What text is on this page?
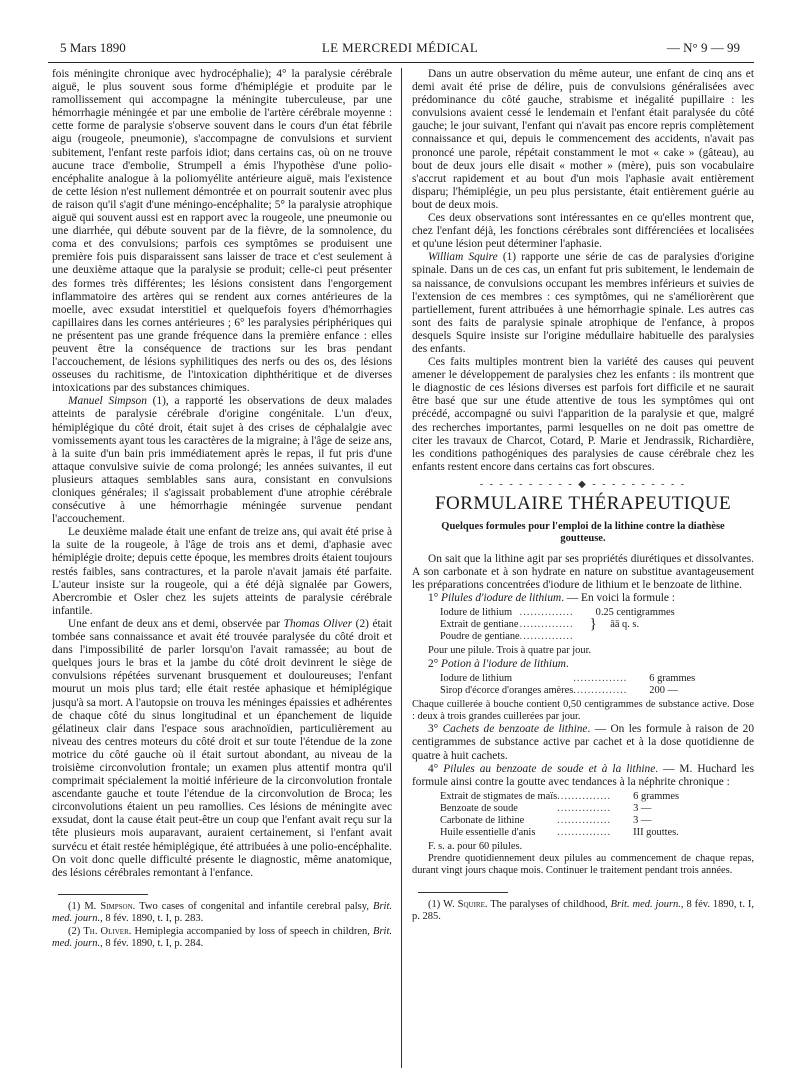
5 Mars 1890	LE MERCREDI MÉDICAL	— N° 9 — 99

fois méningite chronique avec hydrocéphalie); 4° la paralysie cérébrale aiguë, le plus souvent sous forme d'hémiplégie et produite par le ramollissement qui accompagne la méningite tuberculeuse, par une hémorrhagie méningée et par une embolie de l'artère cérébrale moyenne : cette forme de paralysie s'observe souvent dans le cours d'un état fébrile aigu (rougeole, pneumonie), s'accompagne de convulsions et survient subitement, l'enfant reste parfois idiot; dans certains cas, où on ne trouve aucune trace d'embolie, Strumpell a émis l'hypothèse d'une polio-encéphalite analogue à la poliomyélite antérieure aiguë, mais l'existence de cette lésion n'est nullement démontrée et on pourrait soutenir avec plus de raison qu'il s'agit d'une méningo-encéphalite; 5° la paralysie atrophique aiguë qui souvent aussi est en rapport avec la rougeole, une pneumonie ou une diarrhée, qui débute souvent par de la fièvre, de la somnolence, du coma et des convulsions; parfois ces symptômes se produisent une première fois puis disparaissent sans laisser de trace et c'est seulement à une deuxième attaque que la paralysie se produit; celle-ci peut présenter des formes très différentes; les lésions consistent dans l'engorgement inflammatoire des artères qui se rendent aux cornes antérieures de la moelle, avec exsudat interstitiel et quelquefois foyers d'hémorrhagies capillaires dans les cornes antérieures ; 6° les paralysies périphériques qui ne présentent pas une grande fréquence dans la première enfance : elles peuvent être la conséquence de tractions sur les bras pendant l'accouchement, de lésions syphilitiques des nerfs ou des os, des lésions osseuses du rachitisme, de l'intoxication diphthéritique et de diverses intoxications par des substances chimiques.

Manuel Simpson (1), a rapporté les observations de deux malades atteints de paralysie cérébrale d'origine congénitale. L'un d'eux, hémiplégique du côté droit, était sujet à des crises de céphalalgie avec vomissements ayant tous les caractères de la migraine; à l'âge de seize ans, à la suite d'un bain pris immédiatement après le repas, il fut pris d'une attaque convulsive suivie de coma prolongé; les années suivantes, il eut plusieurs attaques semblables sans aura, consistant en convulsions cloniques générales; il s'agissait probablement d'une atrophie cérébrale consécutive à une hémorrhagie méningée survenue pendant l'accouchement.

Le deuxième malade était une enfant de treize ans, qui avait été prise à la suite de la rougeole, à l'âge de trois ans et demi, d'aphasie avec hémiplégie droite; depuis cette époque, les membres droits étaient toujours restés faibles, sans contractures, et la parole n'avait jamais été parfaite. L'auteur insiste sur la rougeole, qui a été déjà signalée par Gowers, Abercrombie et Osler chez les sujets atteints de paralysie cérébrale infantile.

Une enfant de deux ans et demi, observée par Thomas Oliver (2) était tombée sans connaissance et avait été trouvée paralysée du côté droit et dans l'impossibilité de parler lorsqu'on l'avait ramassée; au bout de quelques jours le bras et la jambe du côté droit devinrent le siège de convulsions répétées survenant brusquement et douloureuses; l'enfant mourut un mois plus tard; elle était restée aphasique et hémiplégique jusqu'à sa mort. A l'autopsie on trouva les méninges épaissies et adhérentes de chaque côté du sinus longitudinal et un épanchement de liquide gélatineux clair dans l'espace sous arachnoïdien, particulièrement au niveau des centres moteurs du côté droit et sur toute l'étendue de la zone motrice du côté gauche où il était surtout abondant, au niveau de la troisième circonvolution frontale; un examen plus attentif montra qu'il comprimait spécialement la moitié inférieure de la circonvolution frontale ascendante gauche et toute l'étendue de la circonvolution de Broca; les circonvolutions étaient un peu ramollies. Ces lésions de méningite avec exsudat, dont la cause était peut-être un coup que l'enfant avait reçu sur la tête plusieurs mois auparavant, auraient certainement, si l'enfant avait survécu et était restée hémiplégique, été attribuées à une polio-encéphalite. On voit donc quelle difficulté présente le diagnostic, même anatomique, des lésions cérébrales remontant à l'enfance.

(1) M. Simpson. Two cases of congenital and infantile cerebral palsy, Brit. med. journ., 8 fév. 1890, t. I, p. 283.

(2) Th. Oliver. Hemiplegia accompanied by loss of speech in children, Brit. med. journ., 8 fév. 1890, t. I, p. 284.

Dans un autre observation du même auteur, une enfant de cinq ans et demi avait été prise de délire, puis de convulsions généralisées avec prédominance du côté gauche, strabisme et inégalité pupillaire : les convulsions avaient cessé le lendemain et l'enfant était paralysée du côté gauche; le jour suivant, l'enfant qui n'avait pas encore repris complètement connaissance et qui, depuis le commencement des accidents, n'avait pas prononcé une parole, répétait constamment le mot « cake » (gâteau), au bout de deux jours elle disait « mother » (mère), puis son vocabulaire s'accrut rapidement et au bout d'un mois l'aphasie avait entièrement disparu; l'hémiplégie, un peu plus persistante, était entièrement guérie au bout de deux mois.

Ces deux observations sont intéressantes en ce qu'elles montrent que, chez l'enfant déjà, les fonctions cérébrales sont différenciées et localisées et qu'une lésion peut déterminer l'aphasie.

William Squire (1) rapporte une série de cas de paralysies d'origine spinale. Dans un de ces cas, un enfant fut pris subitement, le lendemain de sa naissance, de convulsions occupant les membres inférieurs et suivies de l'extension de ces membres : ces symptômes, qui ne s'améliorèrent que partiellement, furent attribuées à une hémorrhagie spinale. Les autres cas sont des faits de paralysie spinale atrophique de l'enfance, à propos desquels Squire insiste sur l'origine médullaire habituelle des paralysies des enfants.

Ces faits multiples montrent bien la variété des causes qui peuvent amener le développement de paralysies chez les enfants : ils montrent que le diagnostic de ces lésions diverses est parfois fort difficile et ne saurait être basé que sur une étude attentive de tous les symptômes qui ont précédé, accompagné ou suivi l'apparition de la paralysie et que, malgré des recherches importantes, parmi lesquelles on ne doit pas omettre de citer les travaux de Charcot, Cotard, P. Marie et Jendrassik, Richardière, les conditions pathogéniques des paralysies de cause cérébrale chez les enfants restent encore dans certains cas fort obscures.

- - - - - - - - - - ◆ - - - - - - - - - -

FORMULAIRE THÉRAPEUTIQUE

Quelques formules pour l'emploi de la lithine contre la diathèse goutteuse.

On sait que la lithine agit par ses propriétés diurétiques et dissolvantes. A son carbonate et à son hydrate en nature on substitue avantageusement les préparations concentrées d'iodure de lithium et le benzoate de lithine.

1° Pilules d'iodure de lithium. — En voici la formule :

Iodure de lithium	...............	0.25 centigrammes	
Extrait de gentiane	...............	}	āā q. s.
Poudre de gentiane	...............		

Pour une pilule. Trois à quatre par jour.

2° Potion à l'iodure de lithium.

Iodure de lithium	...............	6 grammes
Sirop d'écorce d'oranges amères	...............	200 —

Chaque cuillerée à bouche contient 0,50 centigrammes de substance active. Dose : deux à trois grandes cuillerées par jour.

3° Cachets de benzoate de lithine. — On les formule à raison de 20 centigrammes de substance active par cachet et à la dose quotidienne de quatre à huit cachets.

4° Pilules au benzoate de soude et à la lithine. — M. Huchard les formule ainsi contre la goutte avec tendances à la néphrite chronique :

Extrait de stigmates de maïs	...............	6 grammes
Benzoate de soude	...............	3 —
Carbonate de lithine	...............	3 —
Huile essentielle d'anis	...............	III gouttes.

F. s. a. pour 60 pilules.

Prendre quotidiennement deux pilules au commencement de chaque repas, durant vingt jours chaque mois. Continuer le traitement pendant trois années.

(1) W. Squire. The paralyses of childhood, Brit. med. journ., 8 fév. 1890, t. I, p. 285.
